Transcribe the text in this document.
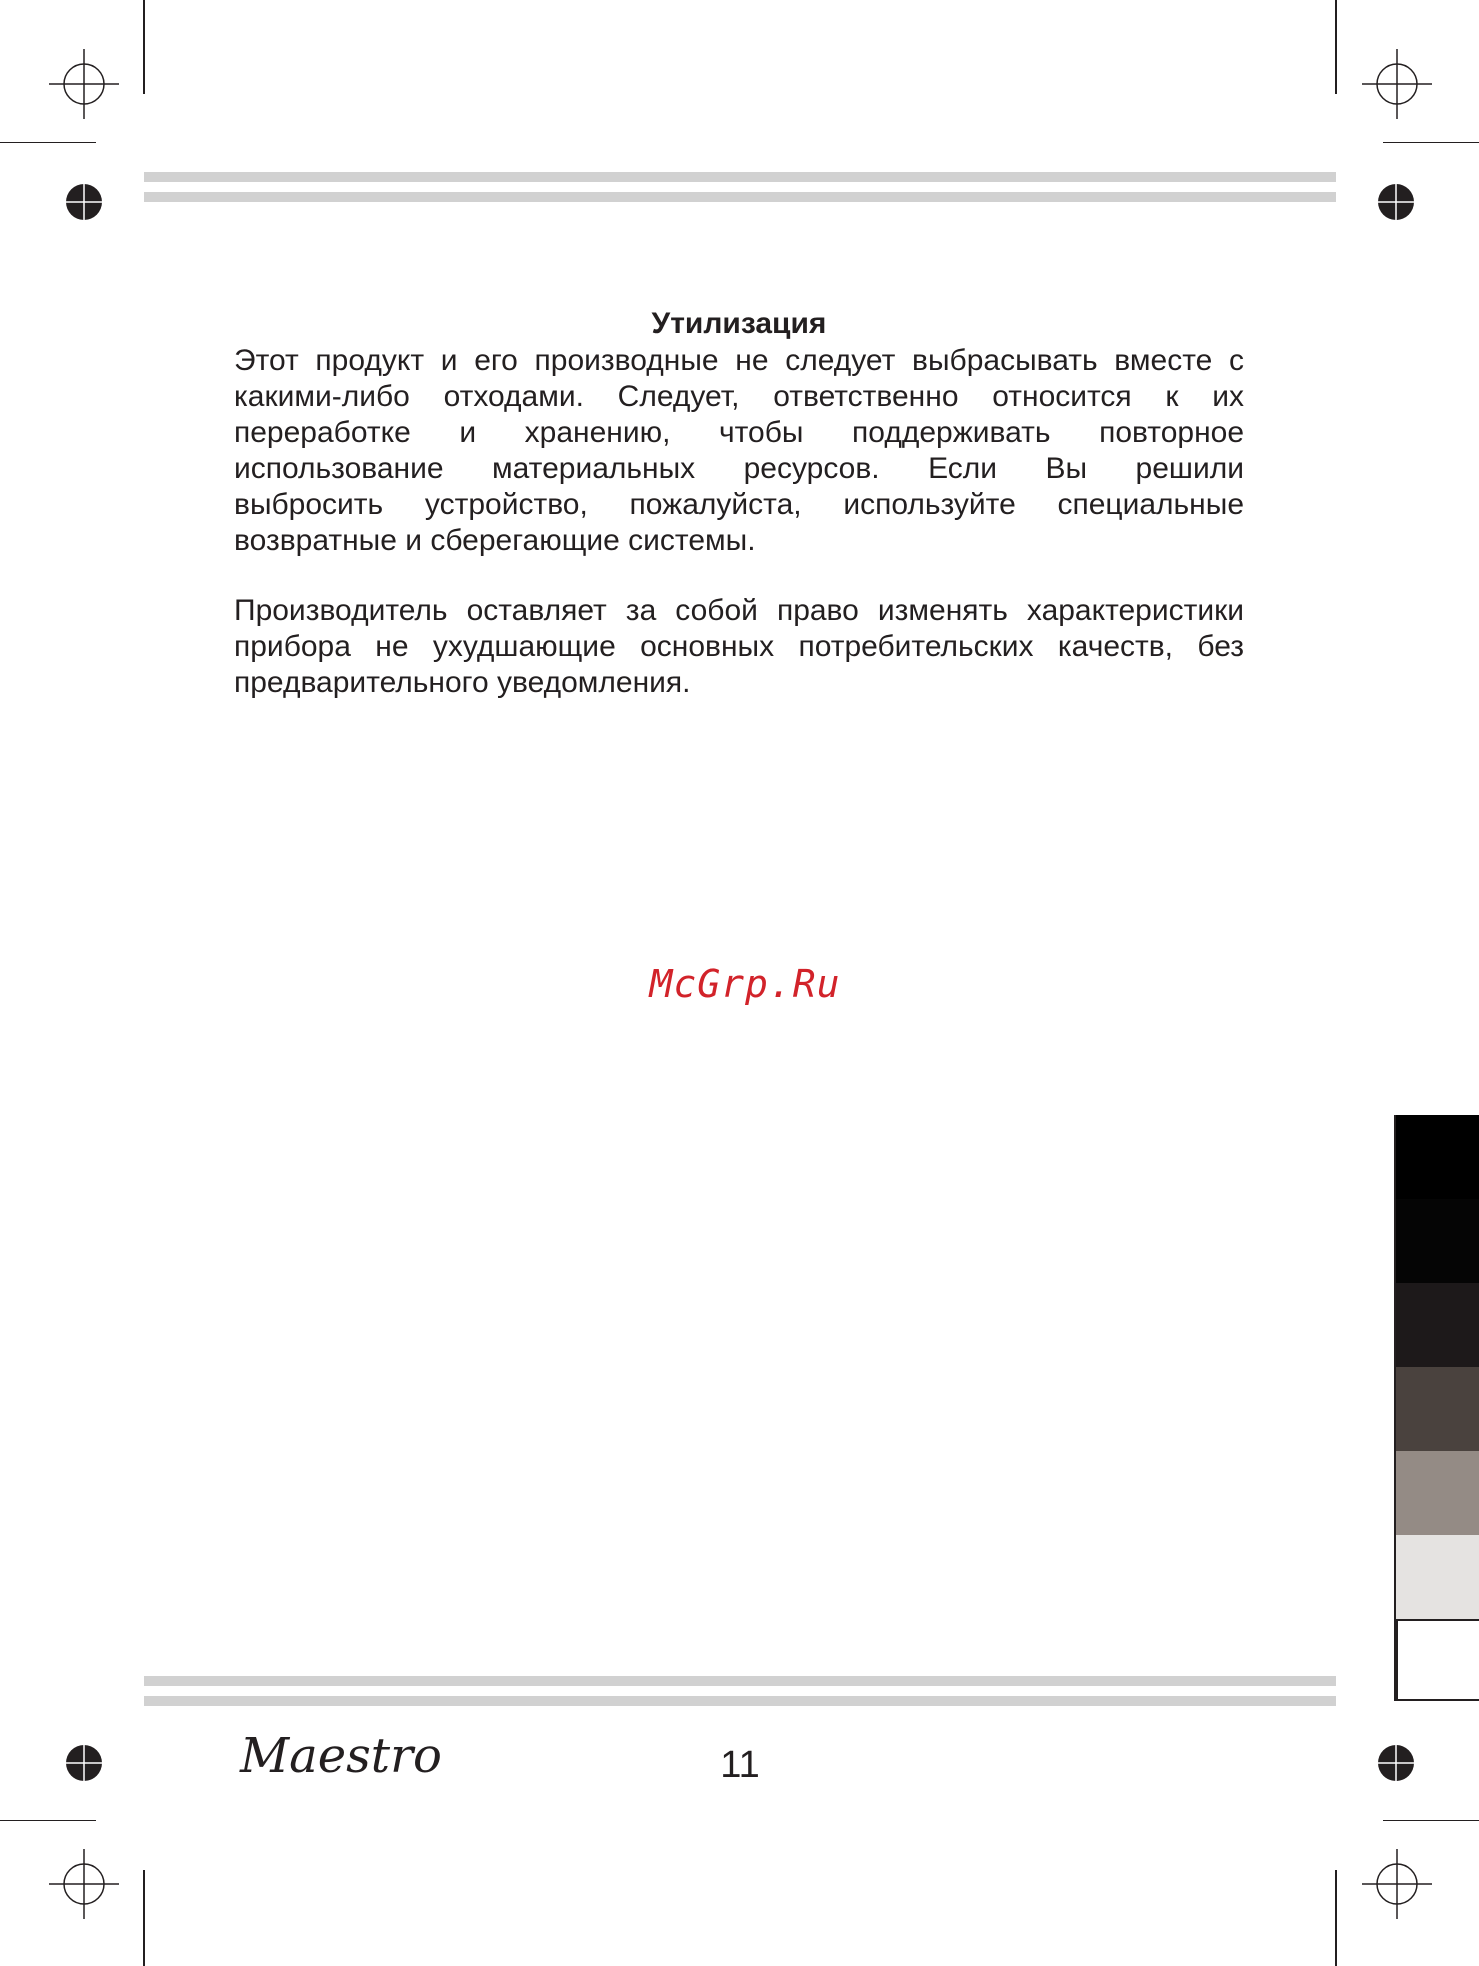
Утилизация
Этот продукт и его производные не следует выбрасывать вместе с
какими-либо отходами. Следует, ответственно относится к их
переработке и хранению, чтобы поддерживать повторное
использование материальных ресурсов. Если Вы решили
выбросить устройство, пожалуйста, используйте специальные
возвратные и сберегающие системы.
Производитель оставляет за собой право изменять характеристики
прибора не ухудшающие основных потребительских качеств, без
предварительного уведомления.
McGrp.Ru
Maestro	11
